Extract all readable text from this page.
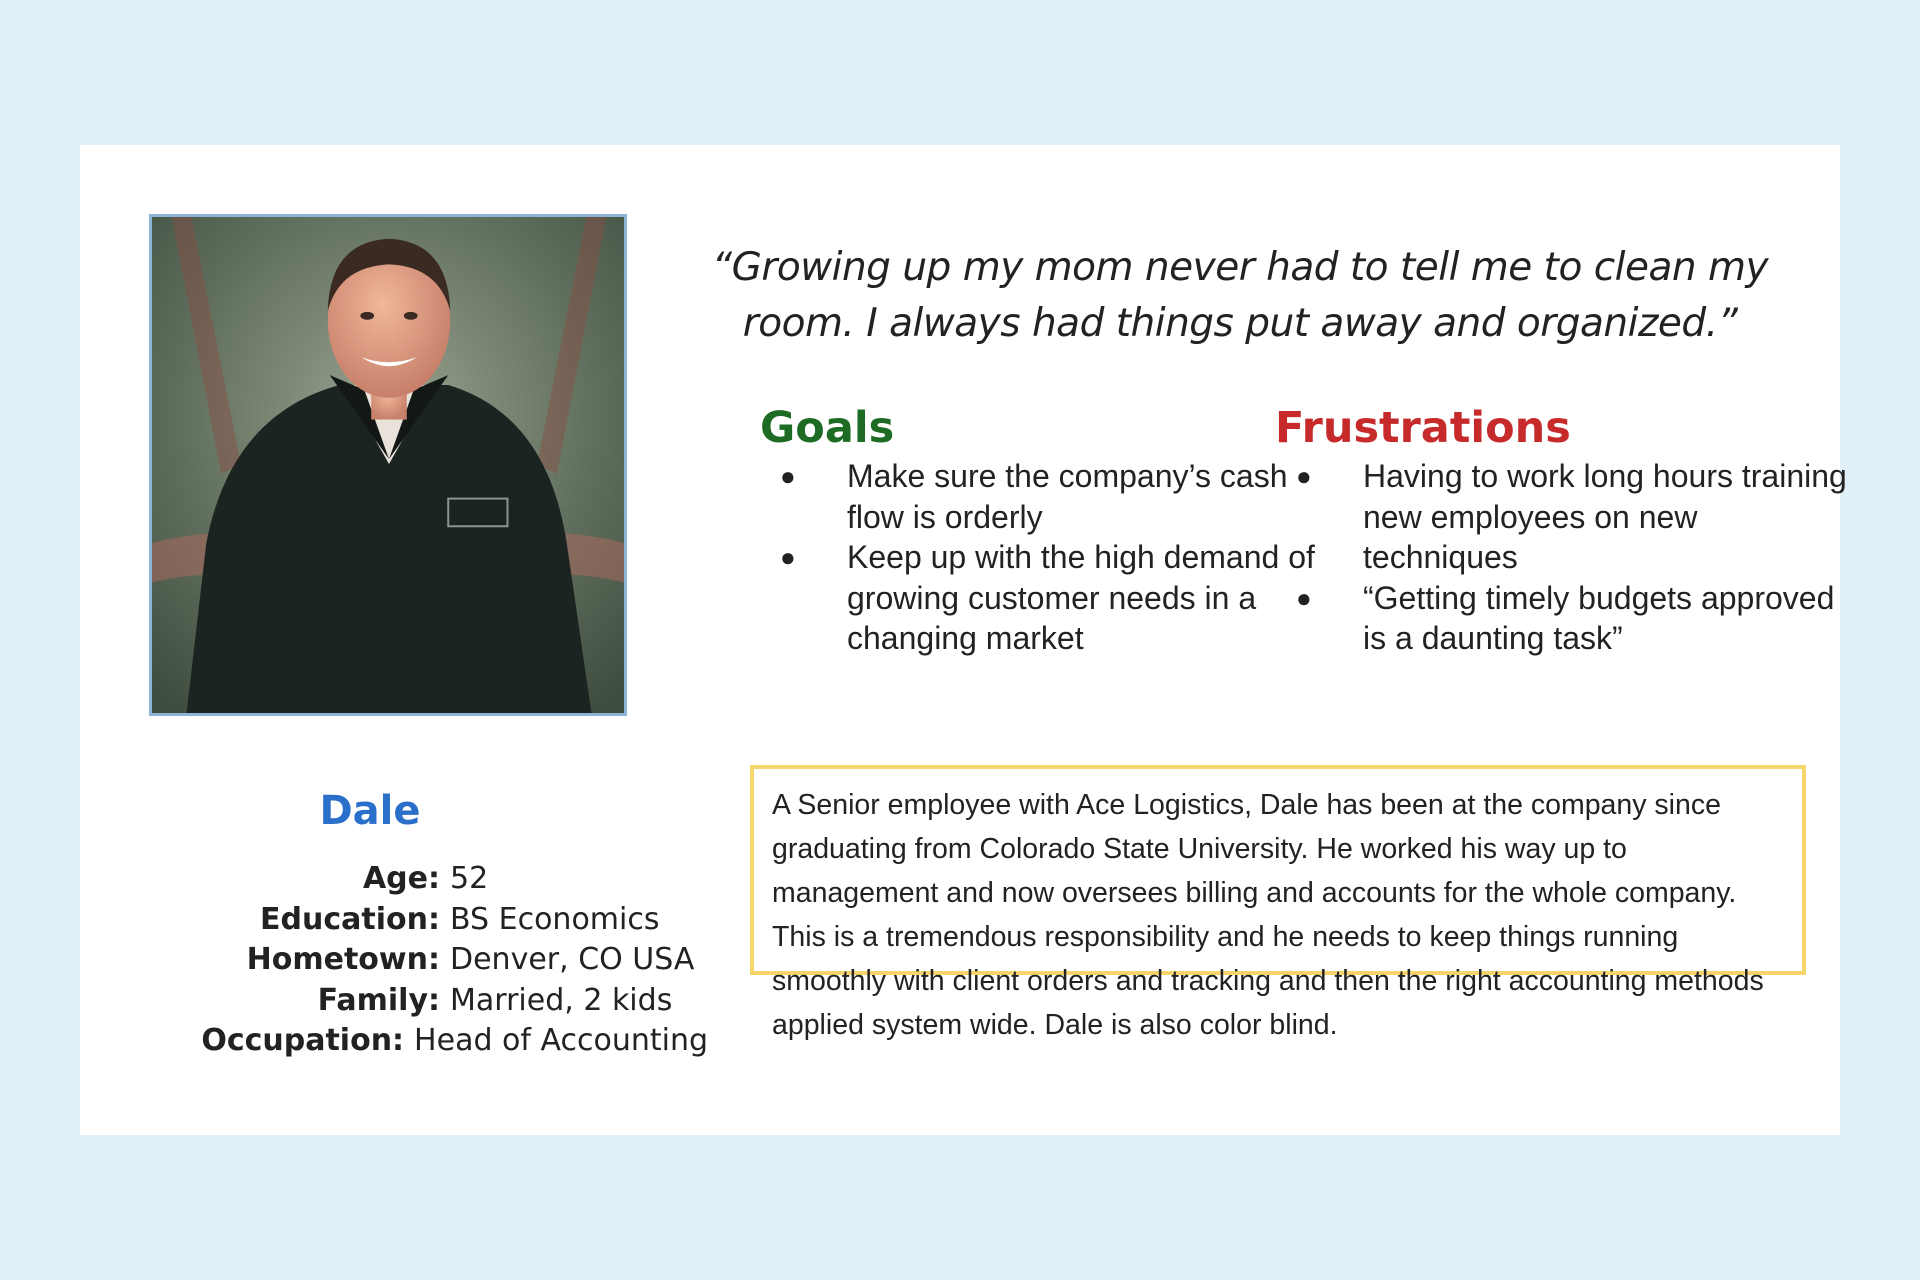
“Growing up my mom never had to tell me to clean my room. I always had things put away and organized.”
Goals
● Make sure the company’s cash flow is orderly
● Keep up with the high demand of growing customer needs in a changing market
Frustrations
● Having to work long hours training new employees on new techniques
● “Getting timely budgets approved is a daunting task”
Dale
Age: 52
Education: BS Economics
Hometown: Denver, CO USA
Family: Married, 2 kids
Occupation: Head of Accounting
A Senior employee with Ace Logistics, Dale has been at the company since graduating from Colorado State University. He worked his way up to management and now oversees billing and accounts for the whole company. This is a tremendous responsibility and he needs to keep things running smoothly with client orders and tracking and then the right accounting methods applied system wide. Dale is also color blind.
